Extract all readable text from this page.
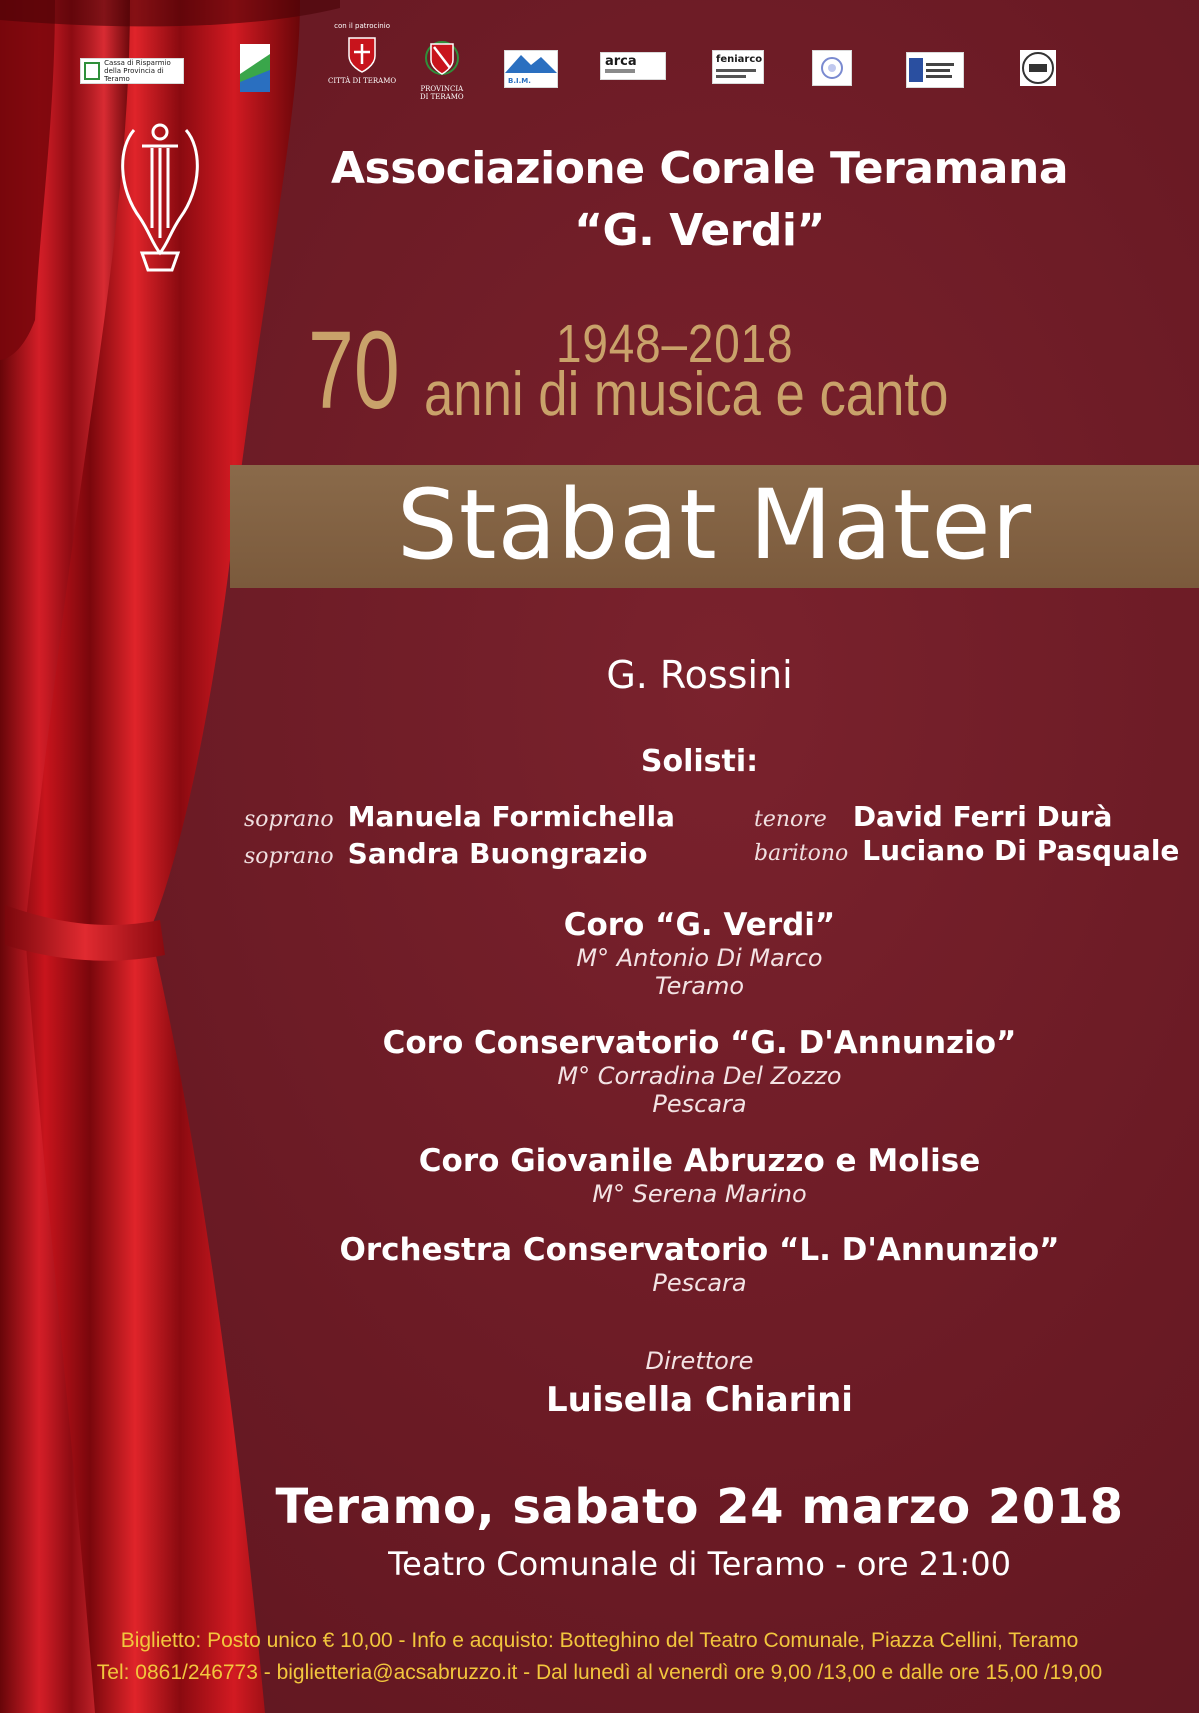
Cassa di Risparmio
della Provincia di Teramo
con il patrocinio
CITTÀ DI TERAMO
PROVINCIA
DI TERAMO
B.I.M.
arca	feniarco
Associazione Corale Teramana
“G. Verdi”
1948–2018
70 anni di musica e canto
Stabat Mater
G. Rossini
Solisti:
soprano Manuela Formichella
soprano Sandra Buongrazio
tenore David Ferri Durà
baritono Luciano Di Pasquale
Coro “G. Verdi”
M° Antonio Di Marco
Teramo
Coro Conservatorio “G. D'Annunzio”
M° Corradina Del Zozzo
Pescara
Coro Giovanile Abruzzo e Molise
M° Serena Marino
Orchestra Conservatorio “L. D'Annunzio”
Pescara
Direttore
Luisella Chiarini
Teramo, sabato 24 marzo 2018
Teatro Comunale di Teramo - ore 21:00
Biglietto: Posto unico € 10,00 - Info e acquisto: Botteghino del Teatro Comunale, Piazza Cellini, Teramo
Tel: 0861/246773 - biglietteria@acsabruzzo.it - Dal lunedì al venerdì ore 9,00 /13,00 e dalle ore 15,00 /19,00
